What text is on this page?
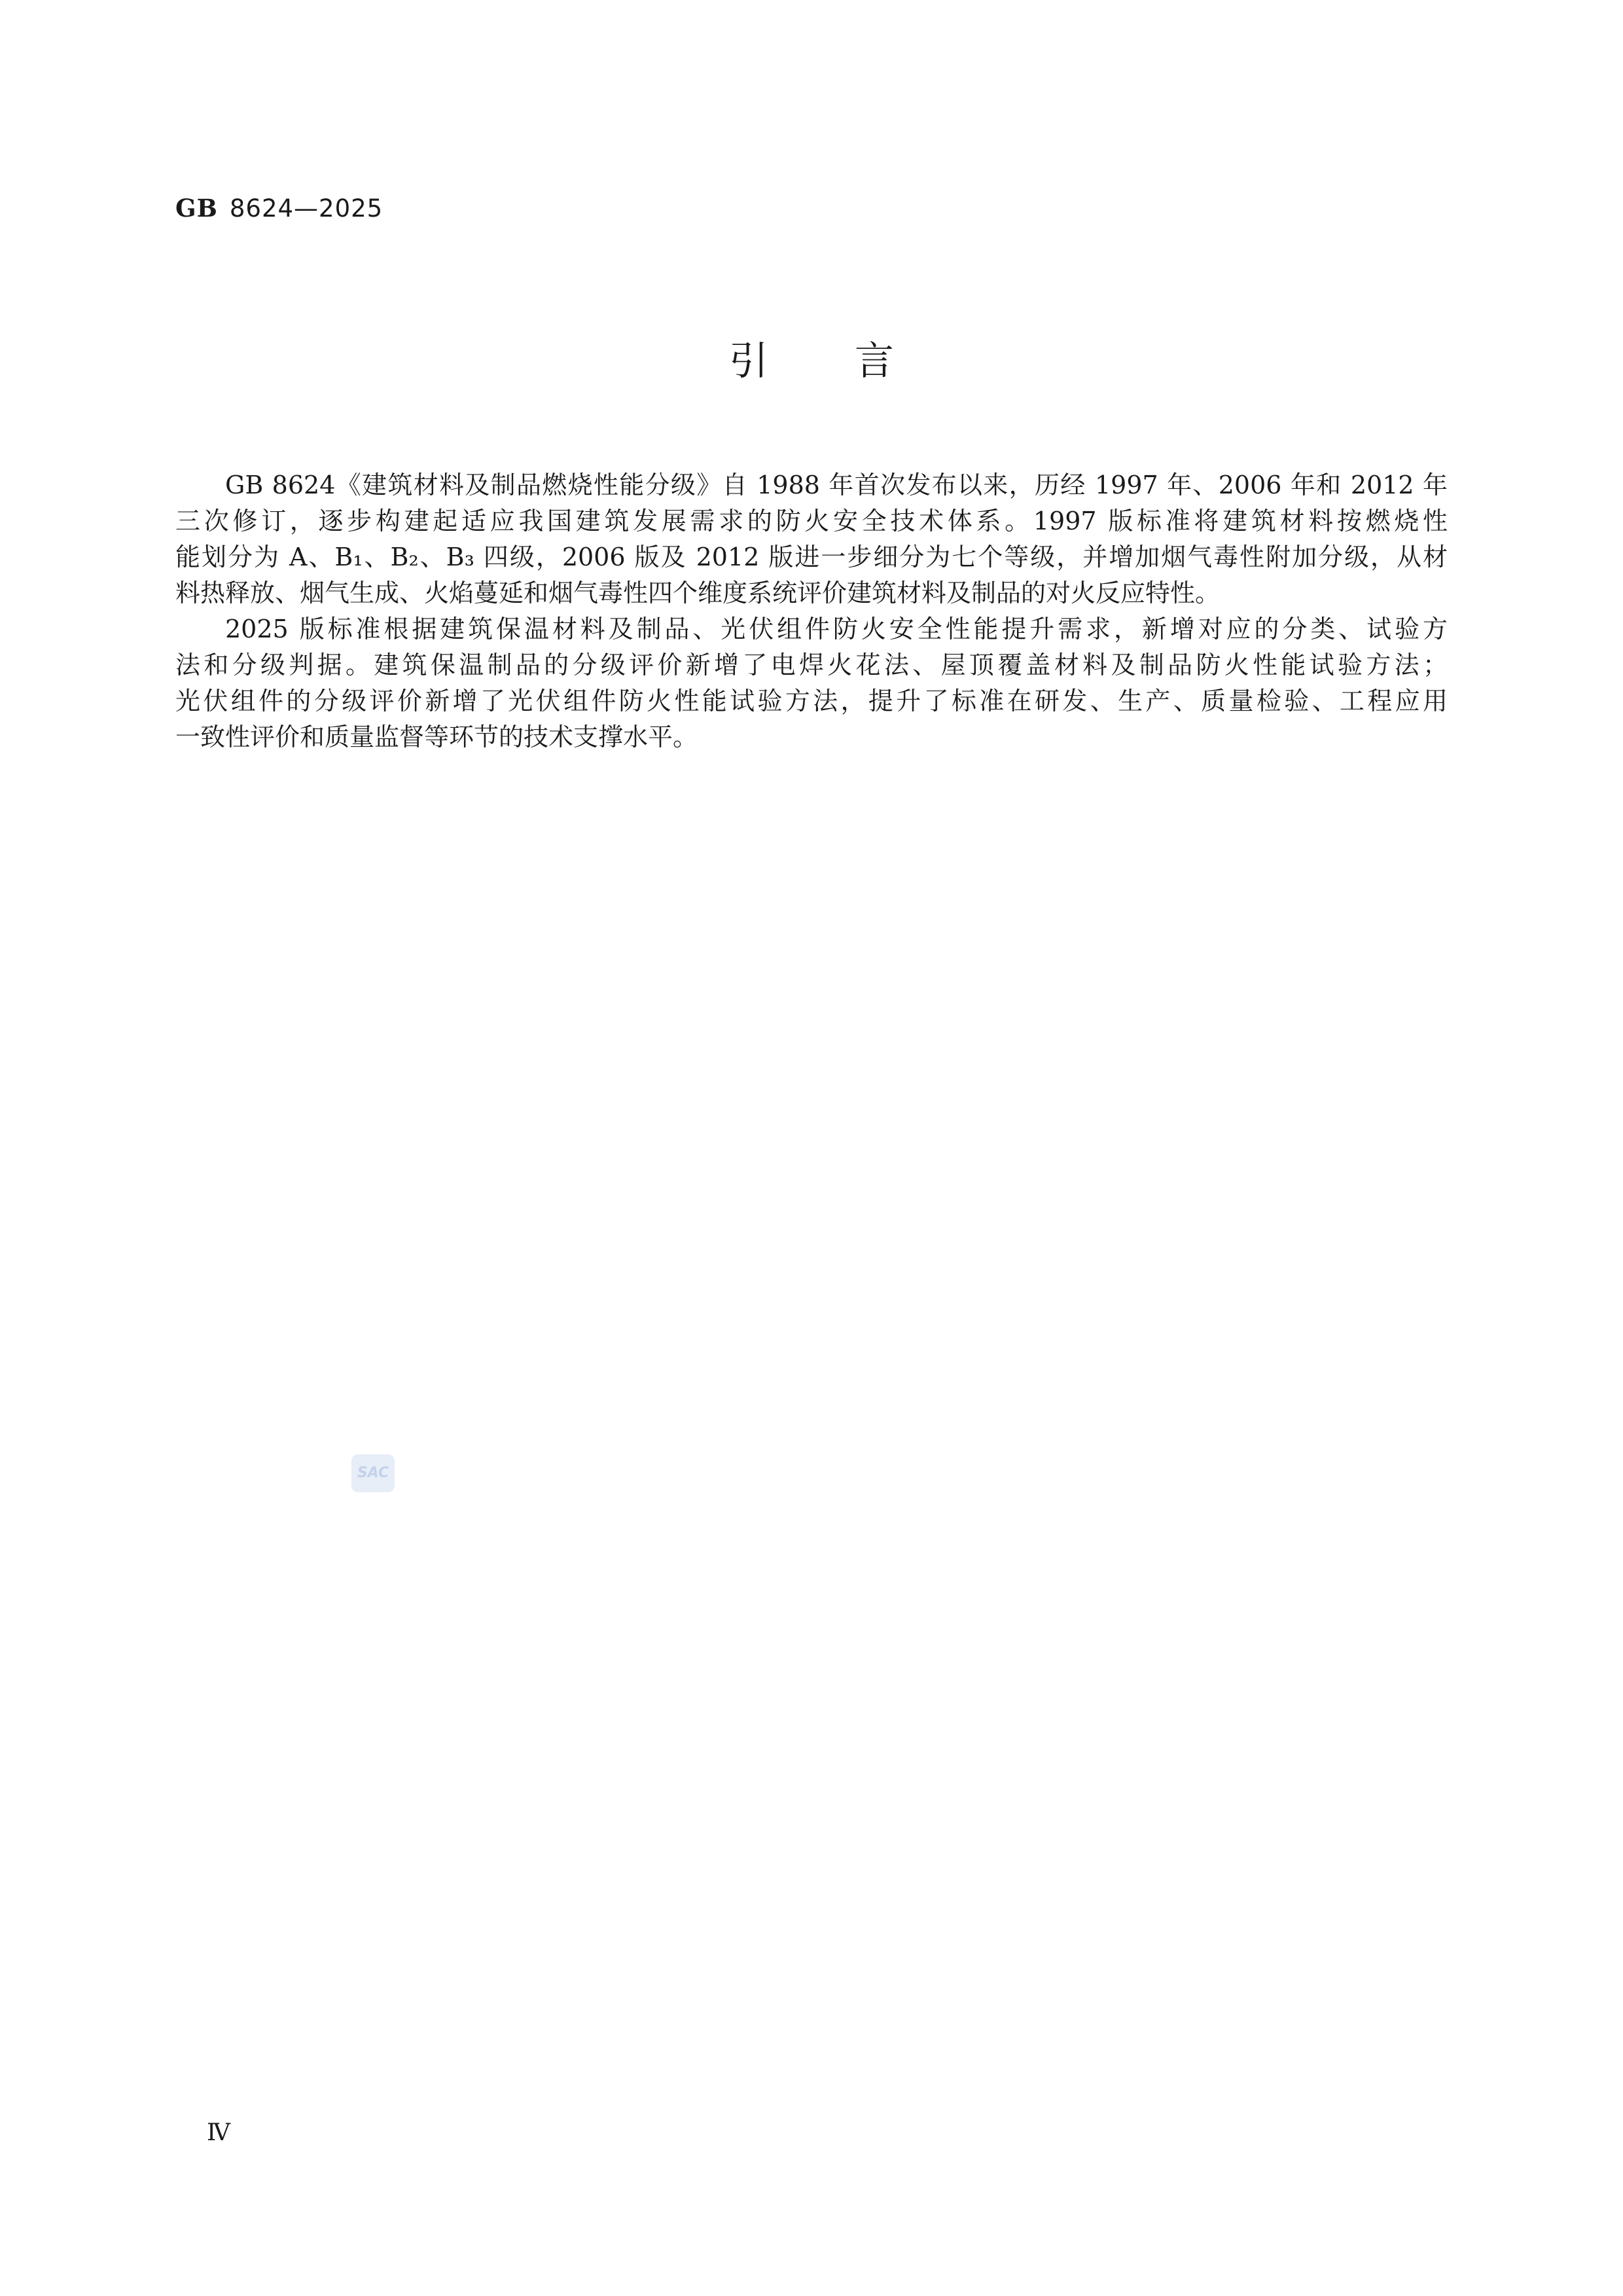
GB 8624—2025
引 言
GB 8624《建筑材料及制品燃烧性能分级》自 1988 年首次发布以来，历经 1997 年、2006 年和 2012 年
三次修订，逐步构建起适应我国建筑发展需求的防火安全技术体系。1997 版标准将建筑材料按燃烧性
能划分为 A、B₁、B₂、B₃ 四级，2006 版及 2012 版进一步细分为七个等级，并增加烟气毒性附加分级，从材
料热释放、烟气生成、火焰蔓延和烟气毒性四个维度系统评价建筑材料及制品的对火反应特性。
2025 版标准根据建筑保温材料及制品、光伏组件防火安全性能提升需求，新增对应的分类、试验方
法和分级判据。建筑保温制品的分级评价新增了电焊火花法、屋顶覆盖材料及制品防火性能试验方法；
光伏组件的分级评价新增了光伏组件防火性能试验方法，提升了标准在研发、生产、质量检验、工程应用
一致性评价和质量监督等环节的技术支撑水平。
SAC
Ⅳ
